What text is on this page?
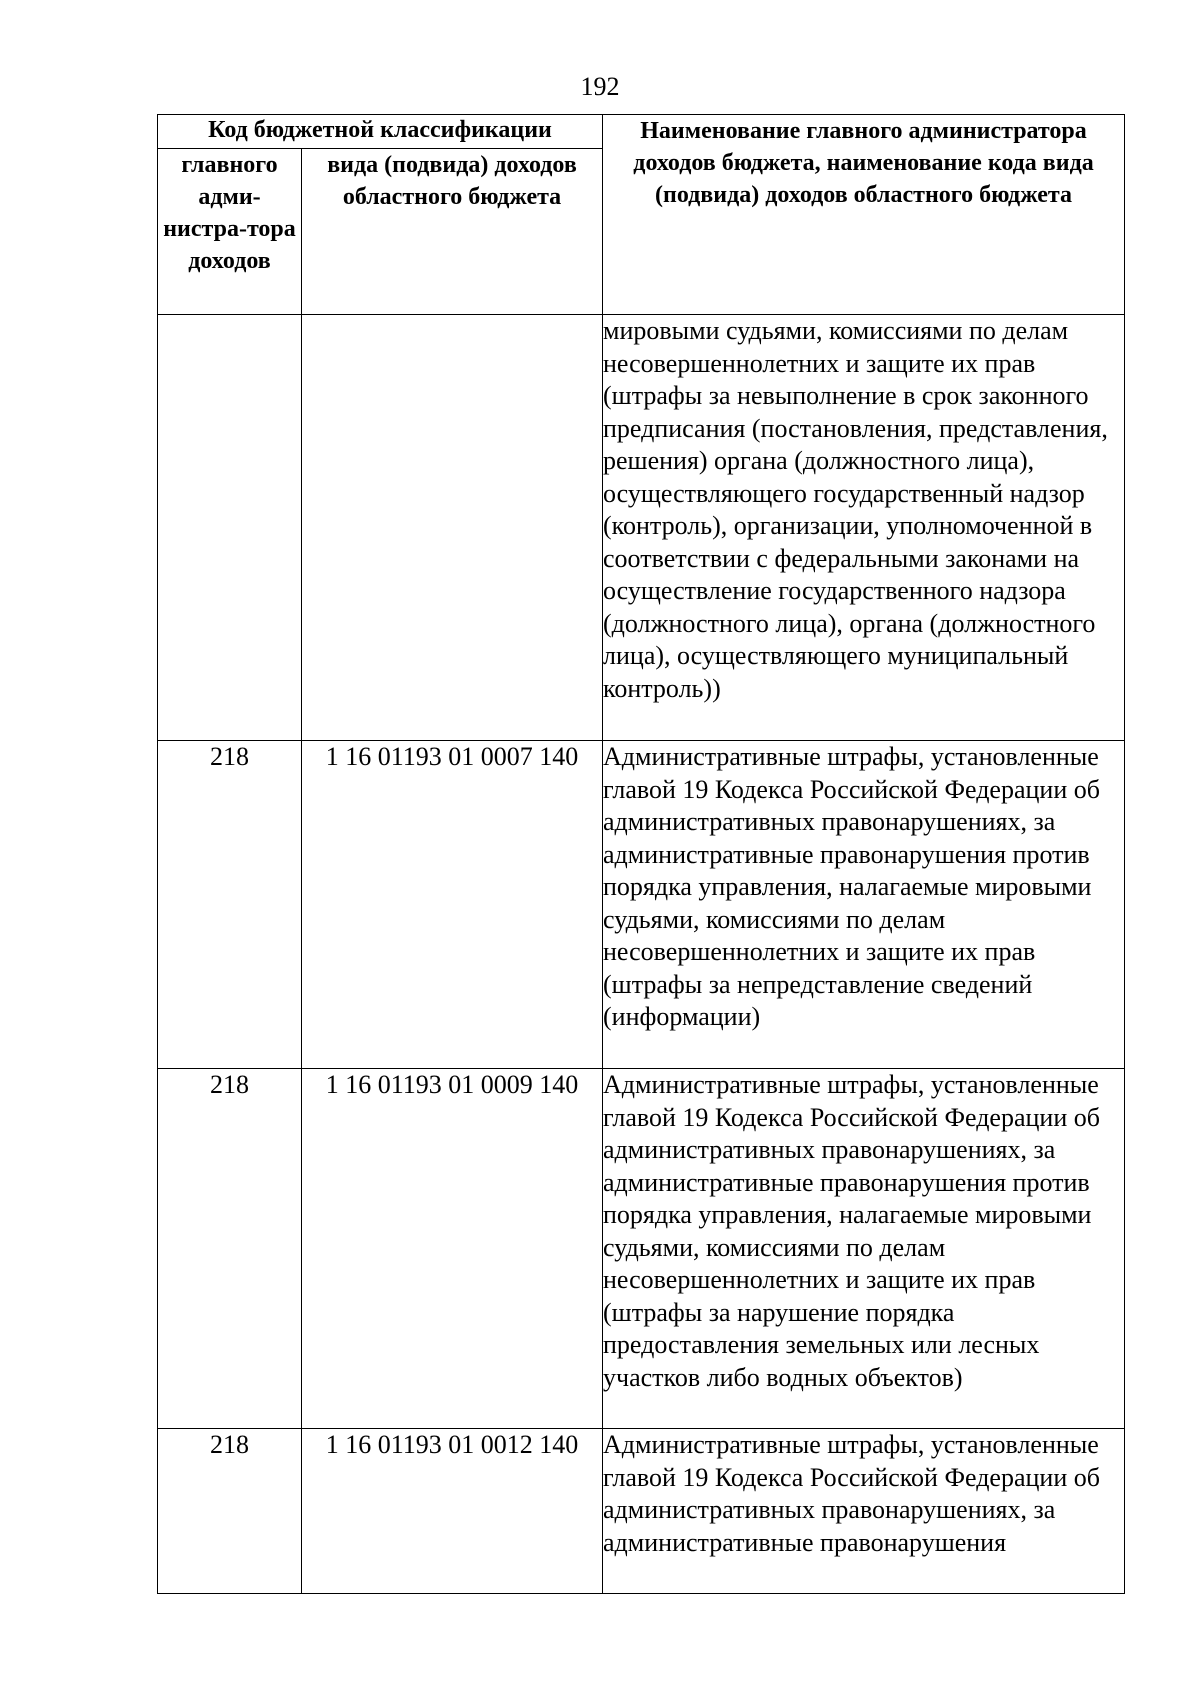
192
Код бюджетной классификации		Наименование главного администратора доходов бюджета, наименование кода вида (подвида) доходов областного бюджета
главного адми-нистра-тора доходов	вида (подвида) доходов областного бюджета	
		мировыми судьями, комиссиями по делам несовершеннолетних и защите их прав (штрафы за невыполнение в срок законного предписания (постановления, представления, решения) органа (должностного лица), осуществляющего государственный надзор (контроль), организации, уполномоченной в соответствии с федеральными законами на осуществление государственного надзора (должностного лица), органа (должностного лица), осуществляющего муниципальный контроль))
218	1 16 01193 01 0007 140	Административные штрафы, установленные главой 19 Кодекса Российской Федерации об административных правонарушениях, за административные правонарушения против порядка управления, налагаемые мировыми судьями, комиссиями по делам несовершеннолетних и защите их прав (штрафы за непредставление сведений (информации)
218	1 16 01193 01 0009 140	Административные штрафы, установленные главой 19 Кодекса Российской Федерации об административных правонарушениях, за административные правонарушения против порядка управления, налагаемые мировыми судьями, комиссиями по делам несовершеннолетних и защите их прав (штрафы за нарушение порядка предоставления земельных или лесных участков либо водных объектов)
218	1 16 01193 01 0012 140	Административные штрафы, установленные главой 19 Кодекса Российской Федерации об административных правонарушениях, за административные правонарушения
